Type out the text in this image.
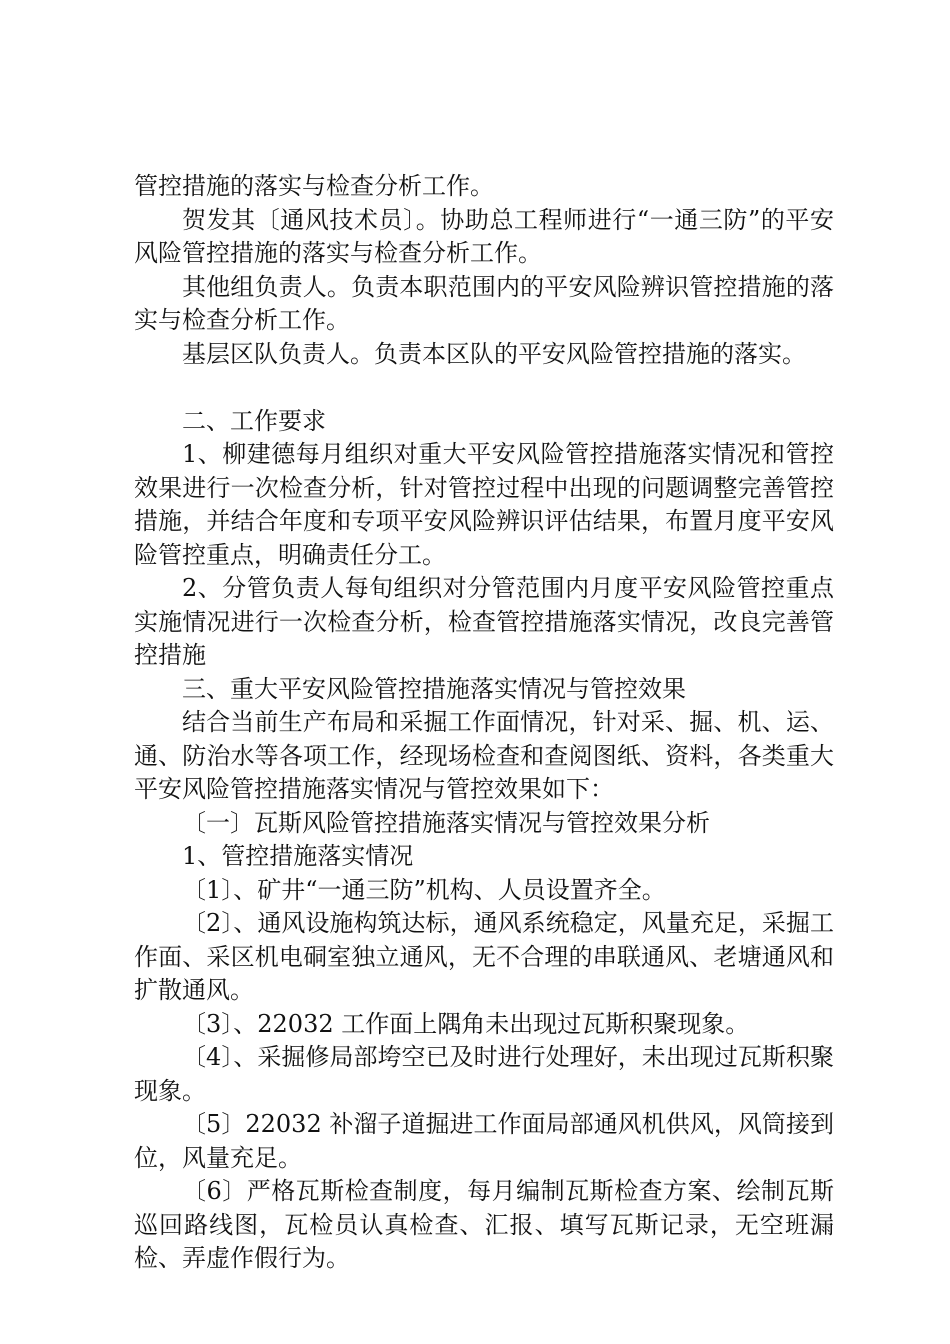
管控措施的落实与检查分析工作。

贺发其〔通风技术员〕。协助总工程师进行“一通三防”的平安风险管控措施的落实与检查分析工作。

其他组负责人。负责本职范围内的平安风险辨识管控措施的落实与检查分析工作。

基层区队负责人。负责本区队的平安风险管控措施的落实。

二、工作要求

1、柳建德每月组织对重大平安风险管控措施落实情况和管控效果进行一次检查分析，针对管控过程中出现的问题调整完善管控措施，并结合年度和专项平安风险辨识评估结果，布置月度平安风险管控重点，明确责任分工。

2、分管负责人每旬组织对分管范围内月度平安风险管控重点实施情况进行一次检查分析，检查管控措施落实情况，改良完善管控措施

三、重大平安风险管控措施落实情况与管控效果

结合当前生产布局和采掘工作面情况，针对采、掘、机、运、通、防治水等各项工作，经现场检查和查阅图纸、资料，各类重大平安风险管控措施落实情况与管控效果如下：

〔一〕瓦斯风险管控措施落实情况与管控效果分析

1、管控措施落实情况

〔1〕、矿井“一通三防”机构、人员设置齐全。

〔2〕、通风设施构筑达标，通风系统稳定，风量充足，采掘工作面、采区机电硐室独立通风，无不合理的串联通风、老塘通风和扩散通风。

〔3〕、22032 工作面上隅角未出现过瓦斯积聚现象。

〔4〕、采掘修局部垮空已及时进行处理好，未出现过瓦斯积聚现象。

〔5〕22032 补溜子道掘进工作面局部通风机供风，风筒接到位，风量充足。

〔6〕严格瓦斯检查制度，每月编制瓦斯检查方案、绘制瓦斯巡回路线图，瓦检员认真检查、汇报、填写瓦斯记录，无空班漏检、弄虚作假行为。
